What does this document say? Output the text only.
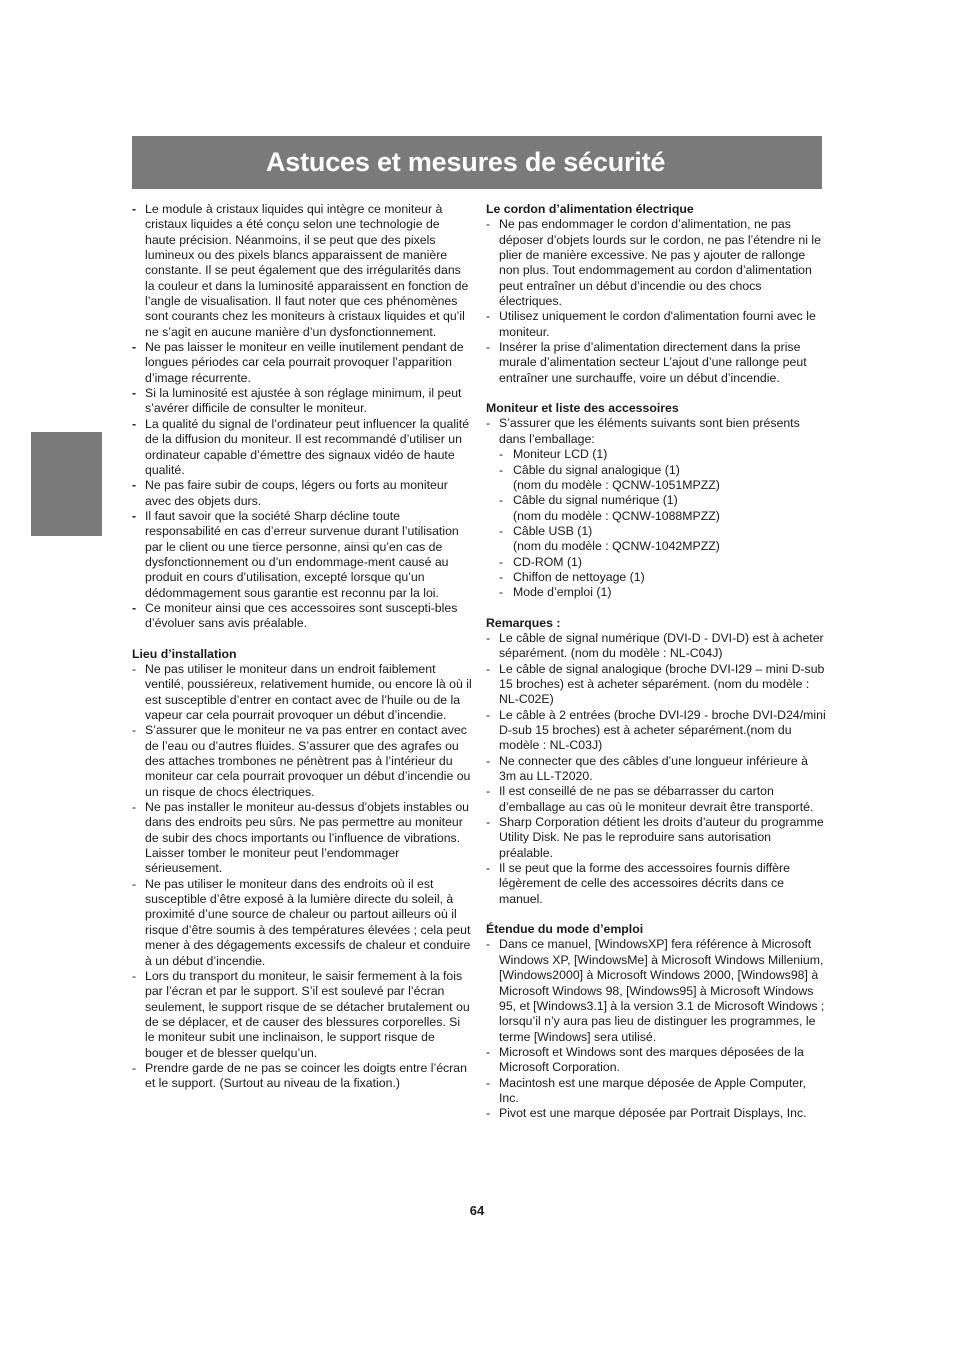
Astuces et mesures de sécurité
- Le module à cristaux liquides qui intègre ce moniteur à cristaux liquides a été conçu selon une technologie de haute précision. Néanmoins, il se peut que des pixels lumineux ou des pixels blancs apparaissent de manière constante. Il se peut également que des irrégularités dans la couleur et dans la luminosité apparaissent en fonction de l’angle de visualisation. Il faut noter que ces phénomènes sont courants chez les moniteurs à cristaux liquides et qu’il ne s’agit en aucune manière d’un dysfonctionnement.
- Ne pas laisser le moniteur en veille inutilement pendant de longues périodes car cela pourrait provoquer l’apparition d’image récurrente.
- Si la luminosité est ajustée à son réglage minimum, il peut s’avérer difficile de consulter le moniteur.
- La qualité du signal de l’ordinateur peut influencer la qualité de la diffusion du moniteur. Il est recommandé d’utiliser un ordinateur capable d’émettre des signaux vidéo de haute qualité.
- Ne pas faire subir de coups, légers ou forts au moniteur avec des objets durs.
- Il faut savoir que la société Sharp décline toute responsabilité en cas d’erreur survenue durant l’utilisation par le client ou une tierce personne, ainsi qu’en cas de dysfonctionnement ou d’un endommage-ment causé au produit en cours d’utilisation, excepté lorsque qu’un dédommagement sous garantie est reconnu par la loi.
- Ce moniteur ainsi que ces accessoires sont suscepti-bles d’évoluer sans avis préalable.

Lieu d’installation

- Ne pas utiliser le moniteur dans un endroit faiblement ventilé, poussiéreux, relativement humide, ou encore là où il est susceptible d’entrer en contact avec de l’huile ou de la vapeur car cela pourrait provoquer un début d’incendie.
- S’assurer que le moniteur ne va pas entrer en contact avec de l’eau ou d’autres fluides. S’assurer que des agrafes ou des attaches trombones ne pénètrent pas à l’intérieur du moniteur car cela pourrait provoquer un début d’incendie ou un risque de chocs électriques.
- Ne pas installer le moniteur au-dessus d’objets instables ou dans des endroits peu sûrs. Ne pas permettre au moniteur de subir des chocs importants ou l’influence de vibrations. Laisser tomber le moniteur peut l’endommager sérieusement.
- Ne pas utiliser le moniteur dans des endroits où il est susceptible d’être exposé à la lumière directe du soleil, à proximité d’une source de chaleur ou partout ailleurs où il risque d’être soumis à des températures élevées ; cela peut mener à des dégagements excessifs de chaleur et conduire à un début d’incendie.
- Lors du transport du moniteur, le saisir fermement à la fois par l’écran et par le support. S’il est soulevé par l’écran seulement, le support risque de se détacher brutalement ou de se déplacer, et de causer des blessures corporelles. Si le moniteur subit une inclinaison, le support risque de bouger et de blesser quelqu’un.
- Prendre garde de ne pas se coincer les doigts entre l’écran et le support. (Surtout au niveau de la fixation.)

Le cordon d’alimentation électrique

- Ne pas endommager le cordon d’alimentation, ne pas déposer d’objets lourds sur le cordon, ne pas l’étendre ni le plier de manière excessive. Ne pas y ajouter de rallonge non plus. Tout endommagement au cordon d’alimentation peut entraîner un début d’incendie ou des chocs électriques.
- Utilisez uniquement le cordon d'alimentation fourni avec le moniteur.
- Insérer la prise d’alimentation directement dans la prise murale d’alimentation secteur L’ajout d’une rallonge peut entraîner une surchauffe, voire un début d’incendie.

Moniteur et liste des accessoires

- S’assurer que les éléments suivants sont bien présents dans l’emballage:
- Moniteur LCD (1)
- Câble du signal analogique (1)
(nom du modèle : QCNW-1051MPZZ)
- Câble du signal numérique (1)
(nom du modèle : QCNW-1088MPZZ)
- Câble USB (1)
(nom du modèle : QCNW-1042MPZZ)
- CD-ROM (1)
- Chiffon de nettoyage (1)
- Mode d’emploi (1)

Remarques :

- Le câble de signal numérique (DVI-D - DVI-D) est à acheter séparément. (nom du modèle : NL-C04J)
- Le câble de signal analogique (broche DVI-I29 – mini D-sub 15 broches) est à acheter séparément. (nom du modèle : NL-C02E)
- Le câble à 2 entrées (broche DVI-I29 - broche DVI-D24/mini D-sub 15 broches) est à acheter séparément.(nom du modèle : NL-C03J)
- Ne connecter que des câbles d’une longueur inférieure à 3m au LL-T2020.
- Il est conseillé de ne pas se débarrasser du carton d’emballage au cas où le moniteur devrait être transporté.
- Sharp Corporation détient les droits d’auteur du programme Utility Disk. Ne pas le reproduire sans autorisation préalable.
- Il se peut que la forme des accessoires fournis diffère légèrement de celle des accessoires décrits dans ce manuel.

Étendue du mode d’emploi

- Dans ce manuel, [WindowsXP] fera référence à Microsoft Windows XP, [WindowsMe] à Microsoft Windows Millenium, [Windows2000] à Microsoft Windows 2000, [Windows98] à Microsoft Windows 98, [Windows95] à Microsoft Windows 95, et [Windows3.1] à la version 3.1 de Microsoft Windows ; lorsqu’il n’y aura pas lieu de distinguer les programmes, le terme [Windows] sera utilisé.
- Microsoft et Windows sont des marques déposées de la Microsoft Corporation.
- Macintosh est une marque déposée de Apple Computer, Inc.
- Pivot est une marque déposée par Portrait Displays, Inc.
64
